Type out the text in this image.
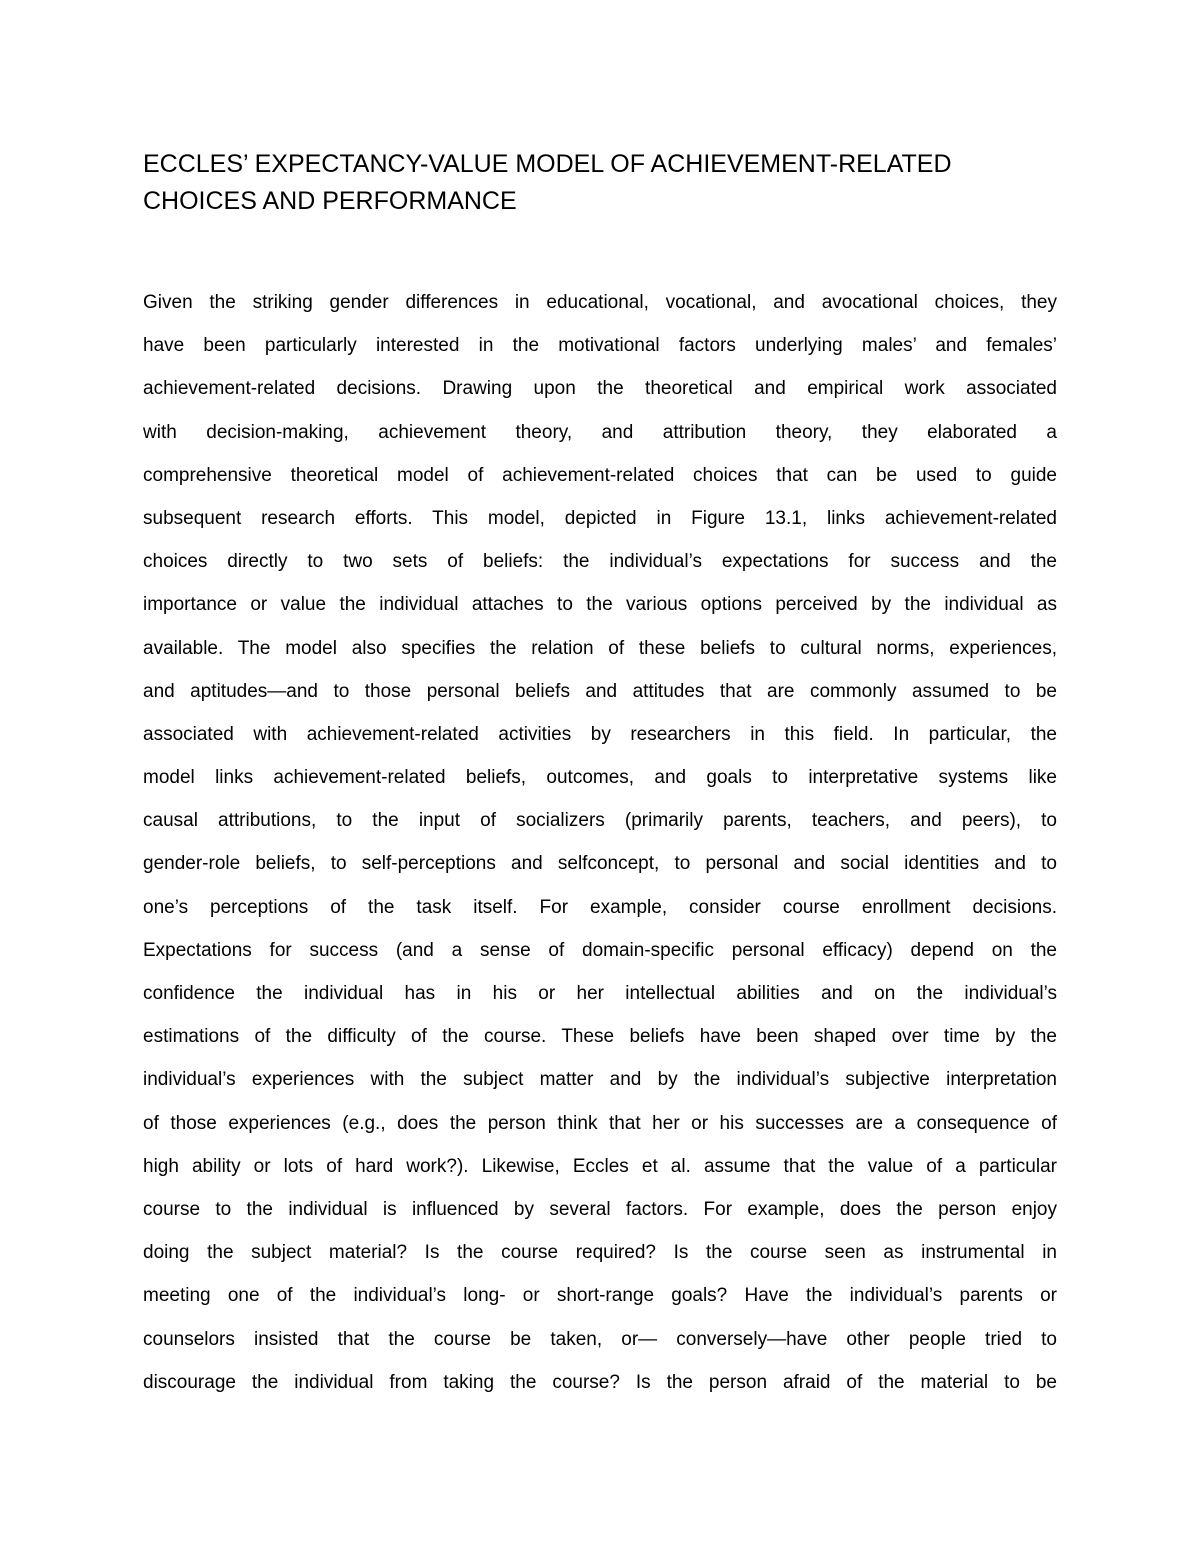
ECCLES’ EXPECTANCY-VALUE MODEL OF ACHIEVEMENT-RELATED
CHOICES AND PERFORMANCE
Given the striking gender differences in educational, vocational, and avocational choices, they
have been particularly interested in the motivational factors underlying males’ and females’
achievement-related decisions. Drawing upon the theoretical and empirical work associated
with decision-making, achievement theory, and attribution theory, they elaborated a
comprehensive theoretical model of achievement-related choices that can be used to guide
subsequent research efforts. This model, depicted in Figure 13.1, links achievement-related
choices directly to two sets of beliefs: the individual’s expectations for success and the
importance or value the individual attaches to the various options perceived by the individual as
available. The model also specifies the relation of these beliefs to cultural norms, experiences,
and aptitudes—and to those personal beliefs and attitudes that are commonly assumed to be
associated with achievement-related activities by researchers in this field. In particular, the
model links achievement-related beliefs, outcomes, and goals to interpretative systems like
causal attributions, to the input of socializers (primarily parents, teachers, and peers), to
gender-role beliefs, to self-perceptions and selfconcept, to personal and social identities and to
one’s perceptions of the task itself. For example, consider course enrollment decisions.
Expectations for success (and a sense of domain-specific personal efficacy) depend on the
confidence the individual has in his or her intellectual abilities and on the individual’s
estimations of the difficulty of the course. These beliefs have been shaped over time by the
individual’s experiences with the subject matter and by the individual’s subjective interpretation
of those experiences (e.g., does the person think that her or his successes are a consequence of
high ability or lots of hard work?). Likewise, Eccles et al. assume that the value of a particular
course to the individual is influenced by several factors. For example, does the person enjoy
doing the subject material? Is the course required? Is the course seen as instrumental in
meeting one of the individual’s long- or short-range goals? Have the individual’s parents or
counselors insisted that the course be taken, or— conversely—have other people tried to
discourage the individual from taking the course? Is the person afraid of the material to be
